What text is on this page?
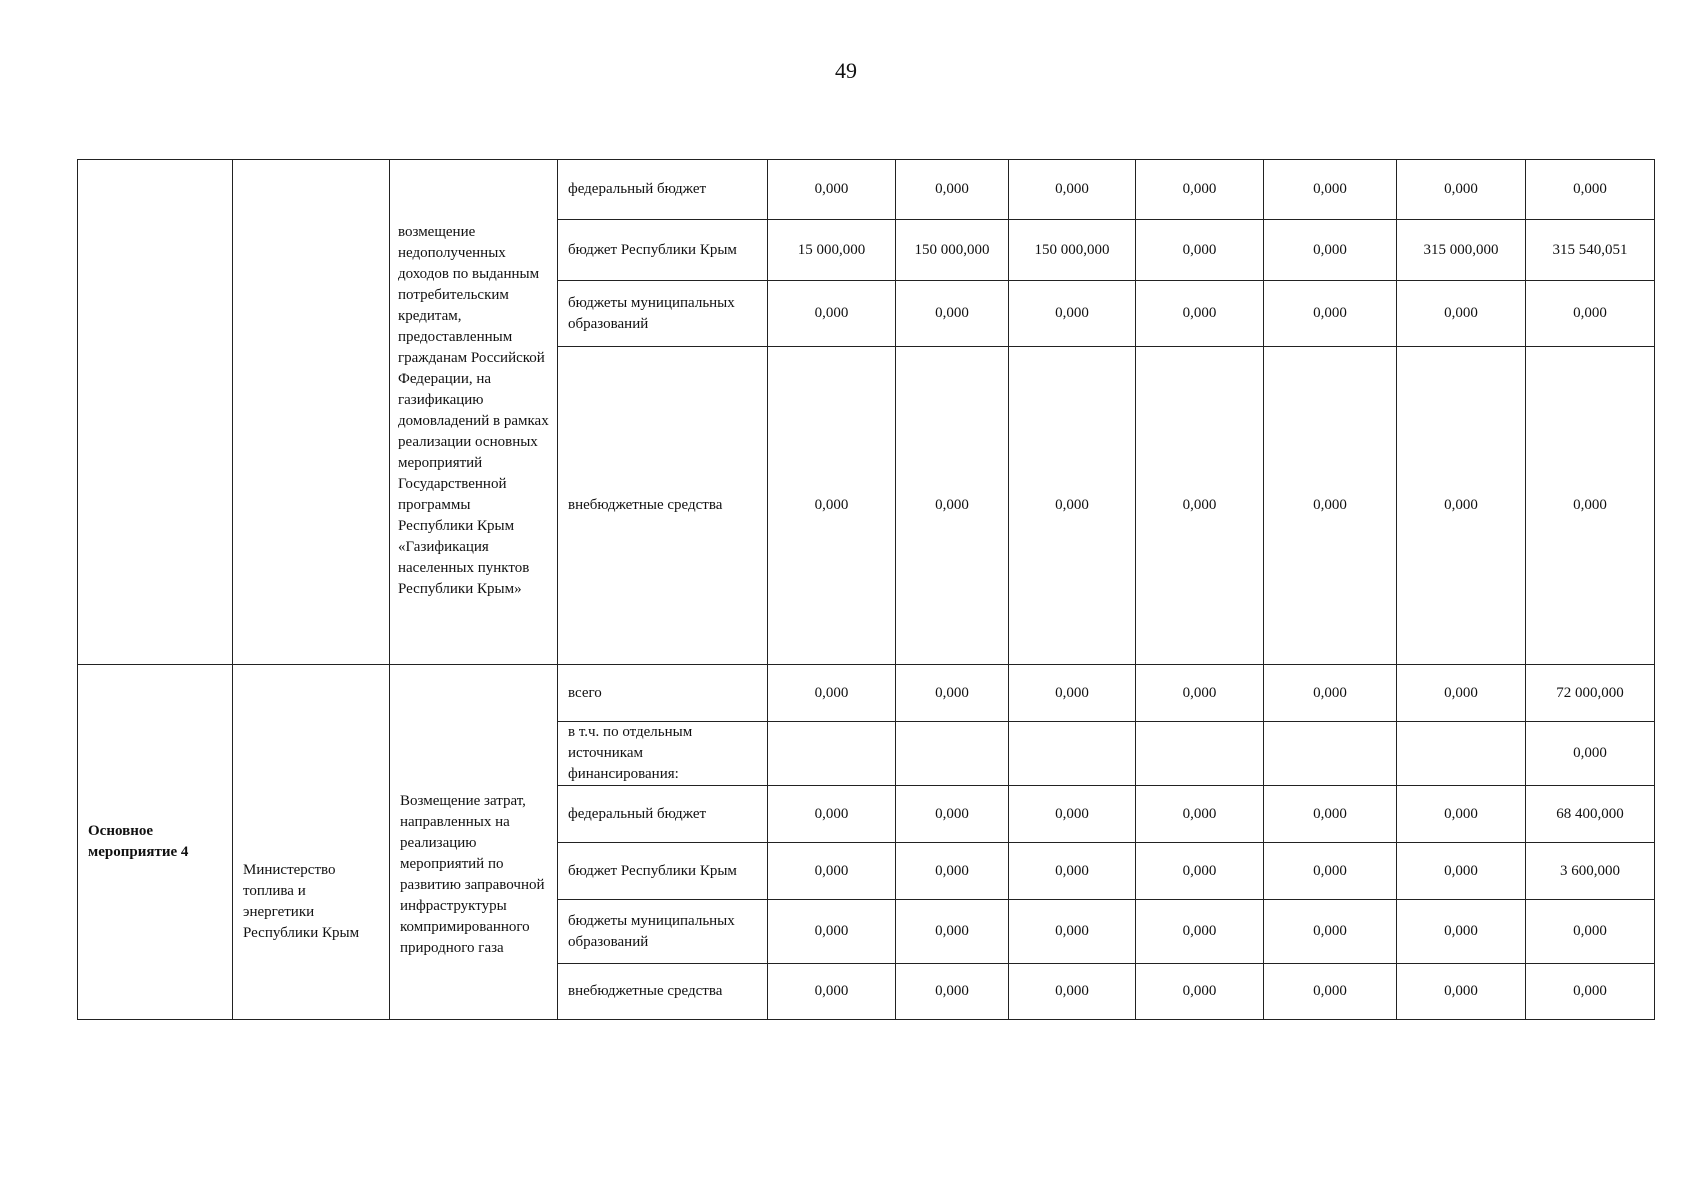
49

		возмещение недополученных доходов по выданным потребительским кредитам, предоставленным гражданам Российской Федерации, на газификацию домовладений в рамках реализации основных мероприятий Государственной программы Республики Крым «Газификация населенных пунктов Республики Крым»	федеральный бюджет	0,000	0,000	0,000	0,000	0,000	0,000	0,000

			бюджет Республики Крым	15 000,000	150 000,000	150 000,000	0,000	0,000	315 000,000	315 540,051

			бюджеты муниципальных образований	0,000	0,000	0,000	0,000	0,000	0,000	0,000

			внебюджетные средства	0,000	0,000	0,000	0,000	0,000	0,000	0,000

Основное мероприятие 4	Министерство топлива и энергетики Республики Крым	Возмещение затрат, направленных на реализацию мероприятий по развитию заправочной инфраструктуры компримированного природного газа	всего	0,000	0,000	0,000	0,000	0,000	0,000	72 000,000

			в т.ч. по отдельным источникам финансирования:							0,000

			федеральный бюджет	0,000	0,000	0,000	0,000	0,000	0,000	68 400,000

			бюджет Республики Крым	0,000	0,000	0,000	0,000	0,000	0,000	3 600,000

			бюджеты муниципальных образований	0,000	0,000	0,000	0,000	0,000	0,000	0,000

			внебюджетные средства	0,000	0,000	0,000	0,000	0,000	0,000	0,000
